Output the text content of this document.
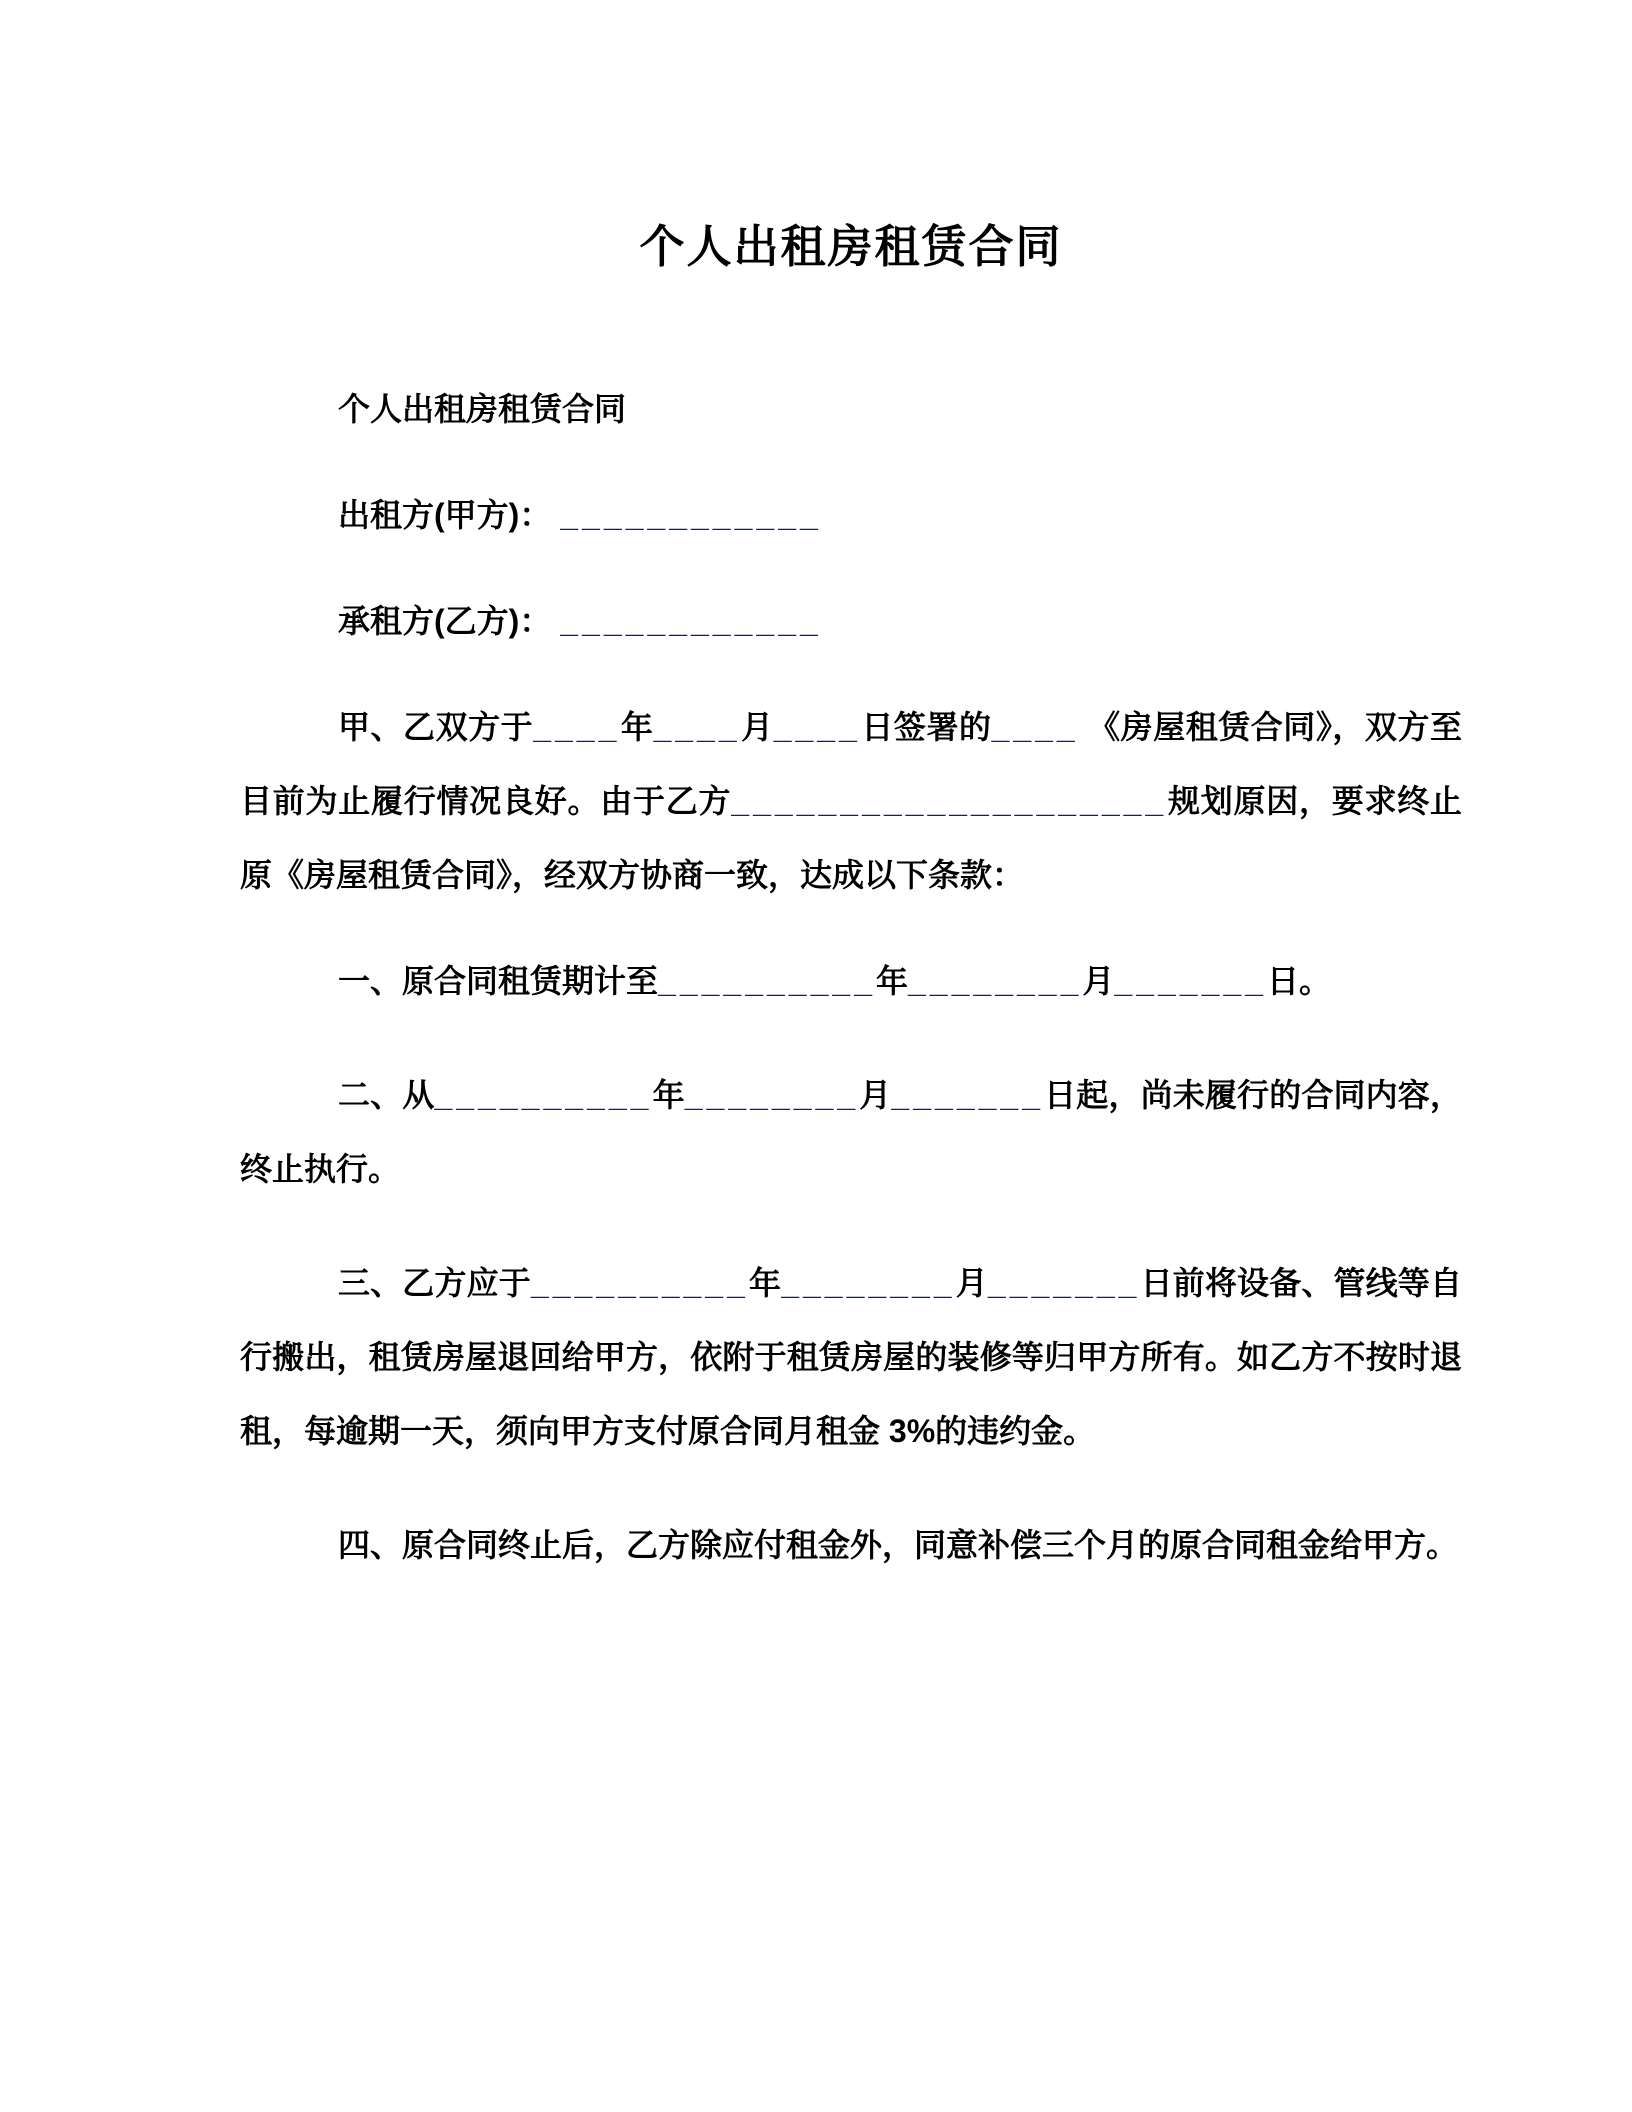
个人出租房租赁合同

个人出租房租赁合同

出租方(甲方)： ____________

承租方(乙方)： ____________

甲、乙双方于____年____月____日签署的____ 《房屋租赁合同》，双方至目前为止履行情况良好。由于乙方____________________规划原因，要求终止原《房屋租赁合同》，经双方协商一致，达成以下条款：

一、原合同租赁期计至__________年________月_______日。

二、从__________年________月_______日起，尚未履行的合同内容，终止执行。

三、乙方应于__________年________月_______日前将设备、管线等自行搬出，租赁房屋退回给甲方，依附于租赁房屋的装修等归甲方所有。如乙方不按时退租，每逾期一天，须向甲方支付原合同月租金 3%的违约金。

四、原合同终止后，乙方除应付租金外，同意补偿三个月的原合同租金给甲方。
